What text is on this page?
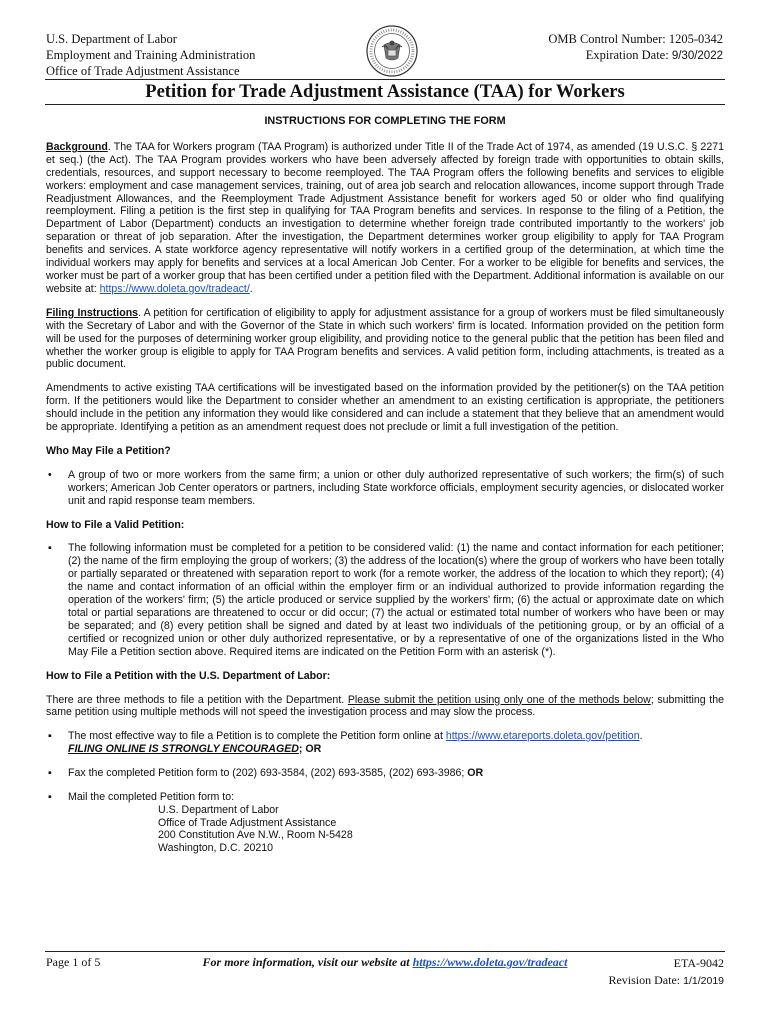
U.S. Department of Labor
Employment and Training Administration
Office of Trade Adjustment Assistance
OMB Control Number: 1205-0342
Expiration Date: 9/30/2022
Petition for Trade Adjustment Assistance (TAA) for Workers
INSTRUCTIONS FOR COMPLETING THE FORM

Background. The TAA for Workers program (TAA Program) is authorized under Title II of the Trade Act of 1974, as amended (19 U.S.C. § 2271 et seq.) (the Act). The TAA Program provides workers who have been adversely affected by foreign trade with opportunities to obtain skills, credentials, resources, and support necessary to become reemployed. The TAA Program offers the following benefits and services to eligible workers: employment and case management services, training, out of area job search and relocation allowances, income support through Trade Readjustment Allowances, and the Reemployment Trade Adjustment Assistance benefit for workers aged 50 or older who find qualifying reemployment. Filing a petition is the first step in qualifying for TAA Program benefits and services. In response to the filing of a Petition, the Department of Labor (Department) conducts an investigation to determine whether foreign trade contributed importantly to the workers' job separation or threat of job separation. After the investigation, the Department determines worker group eligibility to apply for TAA Program benefits and services. A state workforce agency representative will notify workers in a certified group of the determination, at which time the individual workers may apply for benefits and services at a local American Job Center. For a worker to be eligible for benefits and services, the worker must be part of a worker group that has been certified under a petition filed with the Department. Additional information is available on our website at: https://www.doleta.gov/tradeact/.

Filing Instructions. A petition for certification of eligibility to apply for adjustment assistance for a group of workers must be filed simultaneously with the Secretary of Labor and with the Governor of the State in which such workers' firm is located. Information provided on the petition form will be used for the purposes of determining worker group eligibility, and providing notice to the general public that the petition has been filed and whether the worker group is eligible to apply for TAA Program benefits and services. A valid petition form, including attachments, is treated as a public document.

Amendments to active existing TAA certifications will be investigated based on the information provided by the petitioner(s) on the TAA petition form. If the petitioners would like the Department to consider whether an amendment to an existing certification is appropriate, the petitioners should include in the petition any information they would like considered and can include a statement that they believe that an amendment would be appropriate. Identifying a petition as an amendment request does not preclude or limit a full investigation of the petition.

Who May File a Petition?
•	A group of two or more workers from the same firm; a union or other duly authorized representative of such workers; the firm(s) of such workers; American Job Center operators or partners, including State workforce officials, employment security agencies, or dislocated worker unit and rapid response team members.
How to File a Valid Petition:
▪	The following information must be completed for a petition to be considered valid: (1) the name and contact information for each petitioner; (2) the name of the firm employing the group of workers; (3) the address of the location(s) where the group of workers who have been totally or partially separated or threatened with separation report to work (for a remote worker, the address of the location to which they report); (4) the name and contact information of an official within the employer firm or an individual authorized to provide information regarding the operation of the workers' firm; (5) the article produced or service supplied by the workers' firm; (6) the actual or approximate date on which total or partial separations are threatened to occur or did occur; (7) the actual or estimated total number of workers who have been or may be separated; and (8) every petition shall be signed and dated by at least two individuals of the petitioning group, or by an official of a certified or recognized union or other duly authorized representative, or by a representative of one of the organizations listed in the Who May File a Petition section above. Required items are indicated on the Petition Form with an asterisk (*).
How to File a Petition with the U.S. Department of Labor:

There are three methods to file a petition with the Department. Please submit the petition using only one of the methods below; submitting the same petition using multiple methods will not speed the investigation process and may slow the process.

▪	The most effective way to file a Petition is to complete the Petition form online at https://www.etareports.doleta.gov/petition.
FILING ONLINE IS STRONGLY ENCOURAGED; OR
▪	Fax the completed Petition form to (202) 693-3584, (202) 693-3585, (202) 693-3986; OR
▪	Mail the completed Petition form to:
U.S. Department of Labor
Office of Trade Adjustment Assistance
200 Constitution Ave N.W., Room N-5428
Washington, D.C. 20210
Page 1 of 5	For more information, visit our website at https://www.doleta.gov/tradeact	ETA-9042
Revision Date: 1/1/2019
